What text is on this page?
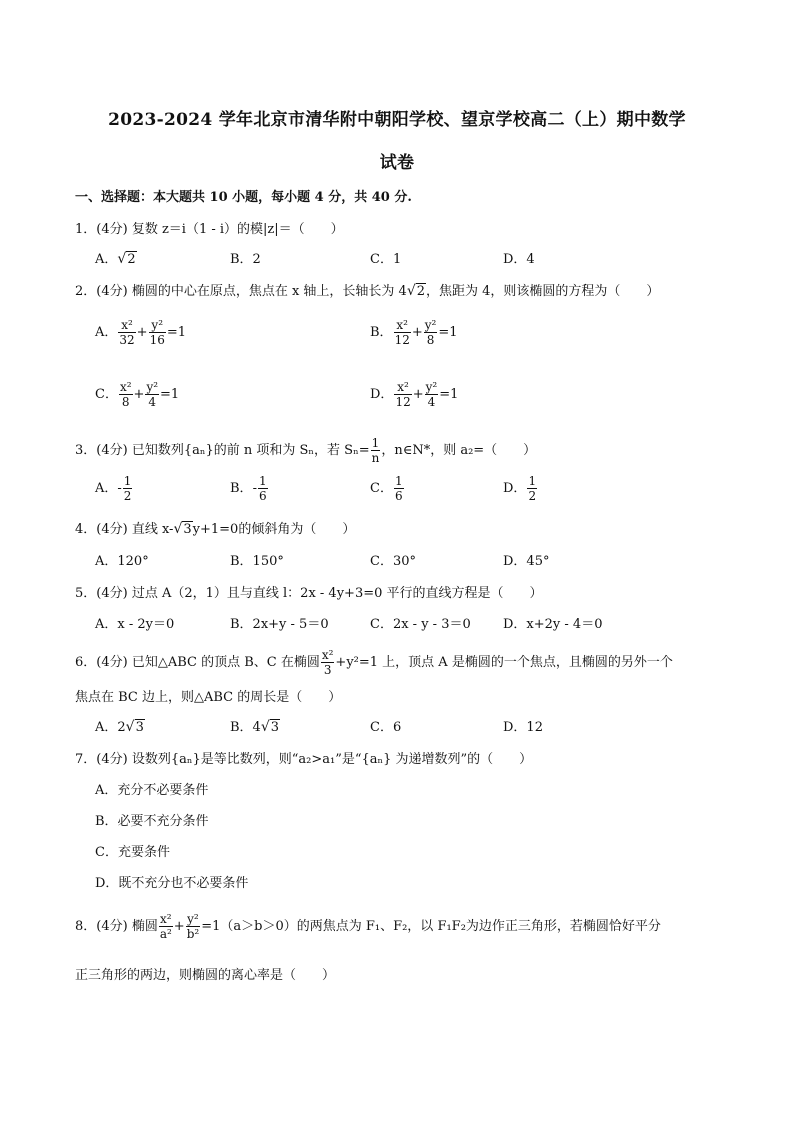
2023-2024 学年北京市清华附中朝阳学校、望京学校高二（上）期中数学
试卷
一、选择题：本大题共 10 小题，每小题 4 分，共 40 分.
1．(4分) 复数 z＝i（1 - i）的模|z|＝（　　）
A．√2	B．2	C．1	D．4
2．(4分) 椭圆的中心在原点，焦点在 x 轴上，长轴长为 4√2，焦距为 4，则该椭圆的方程为（　　）
A． $\frac{\text{x²}}{32} + \frac{\text{y²}}{16} =1$	B． $\frac{\text{x²}}{12} + \frac{\text{y²}}{8} =1$
C． $\frac{\text{x²}}{8} + \frac{\text{y²}}{4} =1$	D． $\frac{\text{x²}}{12} + \frac{\text{y²}}{4} =1$
3．(4分) 已知数列{aₙ}的前 n 项和为 Sₙ，若 $S_n= \frac{1}{n}$ ，n∈N*，则 a₂=（　　）
A．- $\frac{1}{2}$	B．- $\frac{1}{6}$	C． $\frac{1}{6}$	D． $\frac{1}{2}$
4．(4分) 直线 x-√3y+1=0的倾斜角为（　　）
A．120°	B．150°	C．30°	D．45°
5．(4分) 过点 A（2，1）且与直线 l：2x - 4y+3=0 平行的直线方程是（　　）
A．x - 2y＝0	B．2x+y - 5＝0	C．2x - y - 3＝0 D．x+2y - 4＝0
6．(4分) 已知△ABC 的顶点 B、C 在椭圆 $\frac{\text{x²}}{3} +y^2=1$ 上，顶点 A 是椭圆的一个焦点，且椭圆的另外一个
焦点在 BC 边上，则△ABC 的周长是（　　）
A．2√3	B．4√3	C．6	D．12
7．(4分) 设数列{aₙ}是等比数列，则“a₂>a₁”是“{aₙ} 为递增数列”的（　　）
A．充分不必要条件
B．必要不充分条件
C．充要条件
D．既不充分也不必要条件
8．(4分) 椭圆 $\frac{\text{x²}}{\text{a²}} + \frac{\text{y²}}{\text{b²}} =1(a>b>0)$的两焦点为 F₁、F₂，以 F₁F₂为边作正三角形，若椭圆恰好平分
正三角形的两边，则椭圆的离心率是（　　）
